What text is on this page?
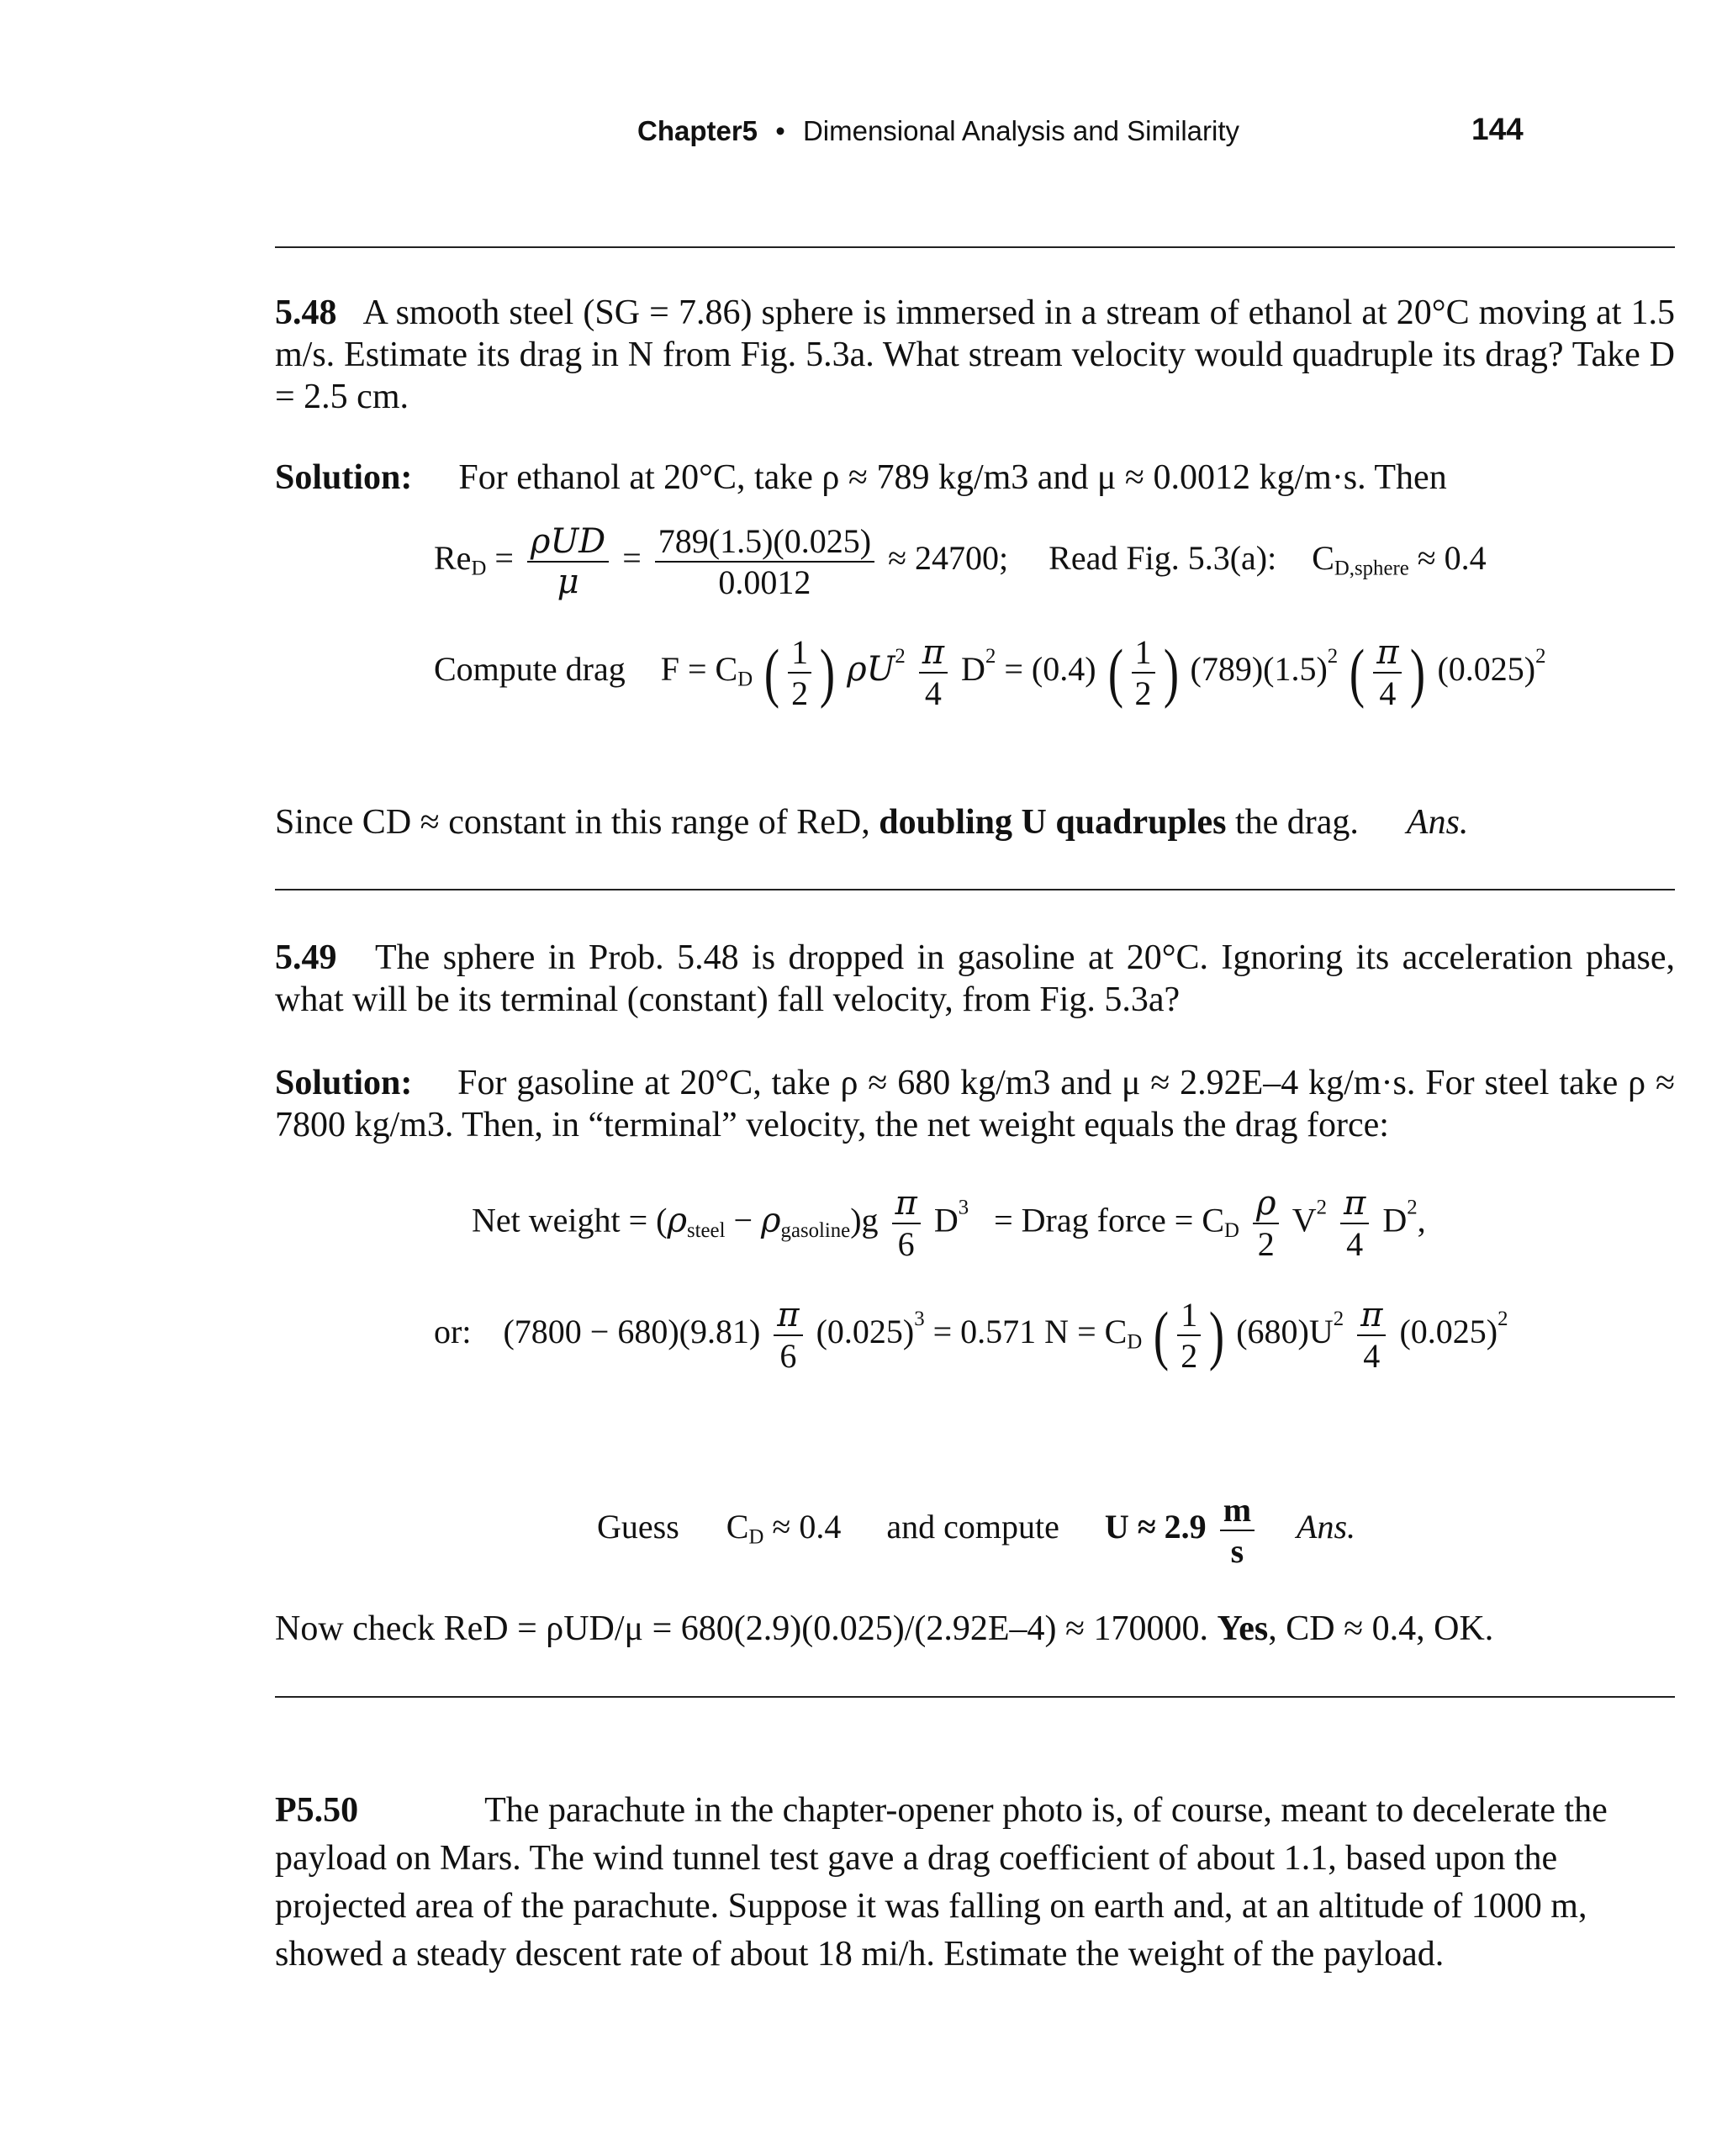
Chapter5 • Dimensional Analysis and Similarity	144
5.48 A smooth steel (SG = 7.86) sphere is immersed in a stream of ethanol at 20°C moving at 1.5 m/s. Estimate its drag in N from Fig. 5.3a. What stream velocity would quadruple its drag? Take D = 2.5 cm.
Solution: For ethanol at 20°C, take ρ ≈ 789 kg/m3 and μ ≈ 0.0012 kg/m·s. Then
$Re_D = \frac{\text{ρUD}}{\mu} = \frac{789(1.5)(0.025)}{0.0012} \approx 24700$; Read Fig. 5.3(a): $C_{D,sphere} \approx 0.4$
Compute drag $F = C_D$ ( $\frac{1}{2}$ ) $\rho U^2 \frac{\pi}{4} D^2 = (0.4)$ ( $\frac{1}{2}$ ) $(789)(1.5)^2$ ( $\frac{\pi}{4}$ ) $(0.025)^2$
Since CD ≈ constant in this range of ReD, doubling U quadruples the drag. Ans.
5.49 The sphere in Prob. 5.48 is dropped in gasoline at 20°C. Ignoring its acceleration phase, what will be its terminal (constant) fall velocity, from Fig. 5.3a?
Solution: For gasoline at 20°C, take ρ ≈ 680 kg/m3 and μ ≈ 2.92E–4 kg/m·s. For steel take ρ ≈ 7800 kg/m3. Then, in “terminal” velocity, the net weight equals the drag force:
Net weight = $(\rho_{steel} - \rho_{gasoline})g \frac{\pi}{6} D^3$ = Drag force = $C_D \frac{\rho}{2} V^2 \frac{\pi}{4} D^2$,
or: $(7800 - 680)(9.81) \frac{\pi}{6} (0.025)^3 = 0.571$ $N = C_D$ ( $\frac{1}{2}$ ) $(680)U^2 \frac{\pi}{4} (0.025)^2$
Guess $C_D \approx 0.4$ and compute $U \approx 2.9 \frac{m}{s}$ Ans.
Now check ReD = ρUD/μ = 680(2.9)(0.025)/(2.92E–4) ≈ 170000. Yes, CD ≈ 0.4, OK.
P5.50	The parachute in the chapter-opener photo is, of course, meant to decelerate the payload on Mars. The wind tunnel test gave a drag coefficient of about 1.1, based upon the projected area of the parachute. Suppose it was falling on earth and, at an altitude of 1000 m, showed a steady descent rate of about 18 mi/h. Estimate the weight of the payload.
